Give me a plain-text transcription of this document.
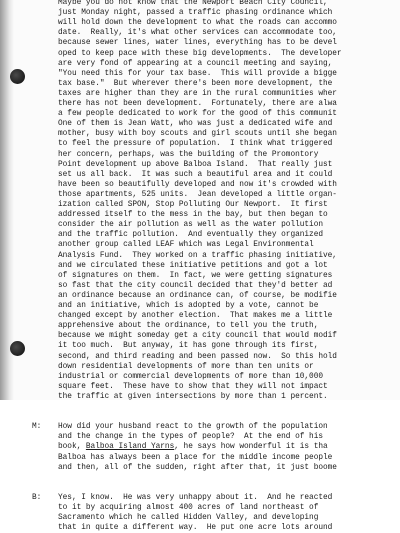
Maybe you do not know that the Newport Beach City Council,
just Monday night, passed a traffic phasing ordinance which
will hold down the development to what the roads can accommo
date.  Really, it's what other services can accommodate too,
because sewer lines, water lines, everything has to be devel
oped to keep pace with these big developments.  The developer
are very fond of appearing at a council meeting and saying,
"You need this for your tax base.  This will provide a bigge
tax base."  But wherever there's been more development, the
taxes are higher than they are in the rural communities wher
there has not been development.  Fortunately, there are alwa
a few people dedicated to work for the good of this communit
One of them is Jean Watt, who was just a dedicated wife and
mother, busy with boy scouts and girl scouts until she began
to feel the pressure of population.  I think what triggered
her concern, perhaps, was the building of the Promontory
Point development up above Balboa Island.  That really just
set us all back.  It was such a beautiful area and it could
have been so beautifully developed and now it's crowded with
those apartments, 525 units.  Jean developed a little organ-
ization called SPON, Stop Polluting Our Newport.  It first
addressed itself to the mess in the bay, but then began to
consider the air pollution as well as the water pollution
and the traffic pollution.  And eventually they organized
another group called LEAF which was Legal Environmental
Analysis Fund.  They worked on a traffic phasing initiative,
and we circulated these initiative petitions and got a lot
of signatures on them.  In fact, we were getting signatures
so fast that the city council decided that they'd better ad
an ordinance because an ordinance can, of course, be modifie
and an initiative, which is adopted by a vote, cannot be
changed except by another election.  That makes me a little
apprehensive about the ordinance, to tell you the truth,
because we might someday get a city council that would modif
it too much.  But anyway, it has gone through its first,
second, and third reading and been passed now.  So this hold
down residential developments of more than ten units or
industrial or commercial developments of more than 10,000
square feet.  These have to show that they will not impact
the traffic at given intersections by more than 1 percent.
How did your husband react to the growth of the population
and the change in the types of people?  At the end of his
book, Balboa Island Yarns, he says how wonderful it is tha
Balboa has always been a place for the middle income people
and then, all of the sudden, right after that, it just boome
Yes, I know.  He was very unhappy about it.  And he reacted
to it by acquiring almost 400 acres of land northeast of
Sacramento which he called Hidden Valley, and developing
that in quite a different way.  He put one acre lots around
M:
B:
